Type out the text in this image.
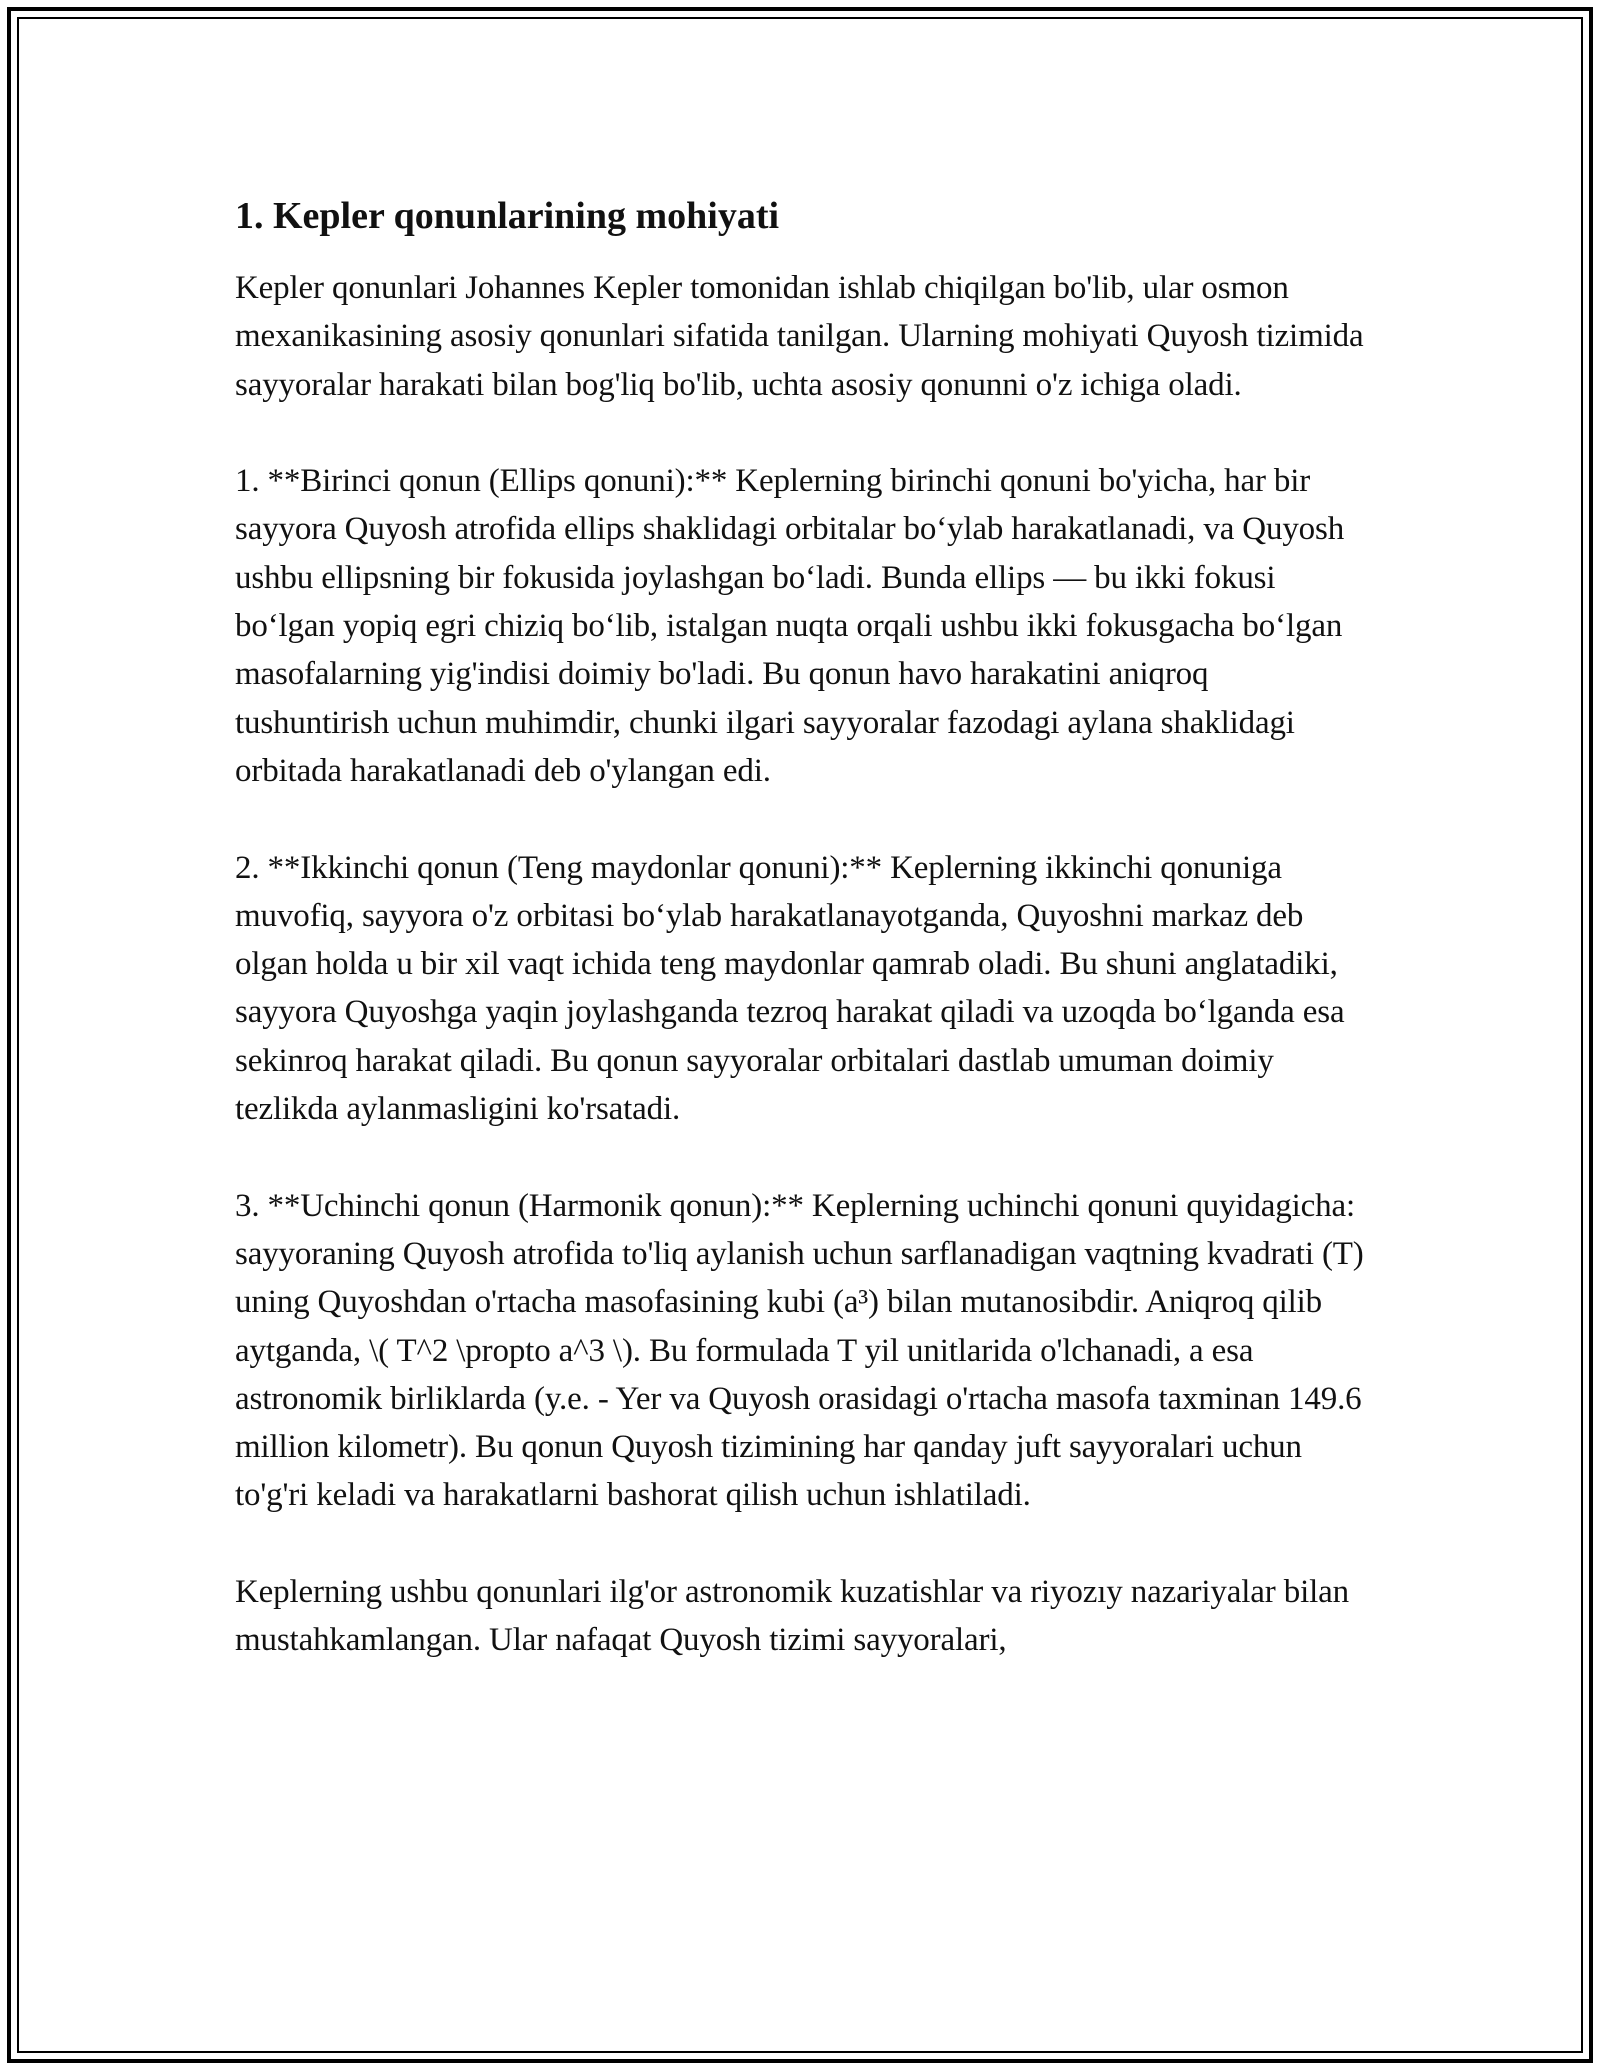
1. Kepler qonunlarining mohiyati

Kepler qonunlari Johannes Kepler tomonidan ishlab chiqilgan bo'lib, ular osmon mexanikasining asosiy qonunlari sifatida tanilgan. Ularning mohiyati Quyosh tizimida sayyoralar harakati bilan bog'liq bo'lib, uchta asosiy qonunni o'z ichiga oladi.

1. **Birinci qonun (Ellips qonuni):** Keplerning birinchi qonuni bo'yicha, har bir sayyora Quyosh atrofida ellips shaklidagi orbitalar bo‘ylab harakatlanadi, va Quyosh ushbu ellipsning bir fokusida joylashgan bo‘ladi. Bunda ellips — bu ikki fokusi bo‘lgan yopiq egri chiziq bo‘lib, istalgan nuqta orqali ushbu ikki fokusgacha bo‘lgan masofalarning yig'indisi doimiy bo'ladi. Bu qonun havo harakatini aniqroq tushuntirish uchun muhimdir, chunki ilgari sayyoralar fazodagi aylana shaklidagi orbitada harakatlanadi deb o'ylangan edi.

2. **Ikkinchi qonun (Teng maydonlar qonuni):** Keplerning ikkinchi qonuniga muvofiq, sayyora o'z orbitasi bo‘ylab harakatlanayotganda, Quyoshni markaz deb olgan holda u bir xil vaqt ichida teng maydonlar qamrab oladi. Bu shuni anglatadiki, sayyora Quyoshga yaqin joylashganda tezroq harakat qiladi va uzoqda bo‘lganda esa sekinroq harakat qiladi. Bu qonun sayyoralar orbitalari dastlab umuman doimiy tezlikda aylanmasligini ko'rsatadi.

3. **Uchinchi qonun (Harmonik qonun):** Keplerning uchinchi qonuni quyidagicha: sayyoraning Quyosh atrofida to'liq aylanish uchun sarflanadigan vaqtning kvadrati (T) uning Quyoshdan o'rtacha masofasining kubi (a³) bilan mutanosibdir. Aniqroq qilib aytganda, \( T^2 \propto a^3 \). Bu formulada T yil unitlarida o'lchanadi, a esa astronomik birliklarda (y.e. - Yer va Quyosh orasidagi o'rtacha masofa taxminan 149.6 million kilometr). Bu qonun Quyosh tizimining har qanday juft sayyoralari uchun to'g'ri keladi va harakatlarni bashorat qilish uchun ishlatiladi.

Keplerning ushbu qonunlari ilg'or astronomik kuzatishlar va riyozıy nazariyalar bilan mustahkamlangan. Ular nafaqat Quyosh tizimi sayyoralari,
